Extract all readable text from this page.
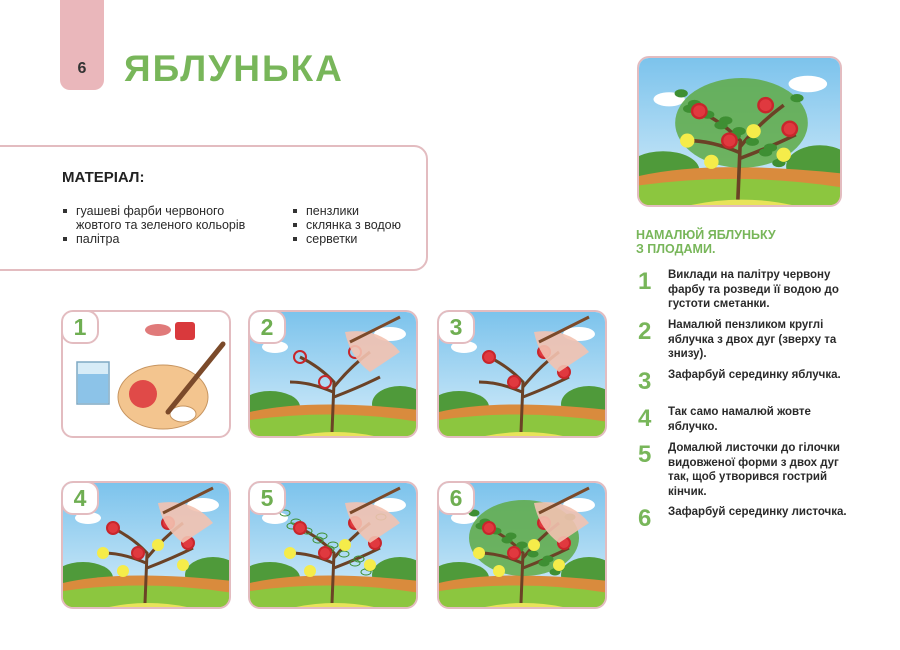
6	ЯБЛУНЬКА
МАТЕРІАЛ:
гуашеві фарби червоного
жовтого та зеленого кольорів
палітра
пензлики
склянка з водою
серветки
1	2	3
4	5	6
НАМАЛЮЙ ЯБЛУНЬКУ
З ПЛОДАМИ.
1	Виклади на палітру червону фарбу та розведи її водою до густоти сметанки.
2	Намалюй пензликом круглі яблучка з двох дуг (зверху та знизу).
3	Зафарбуй серединку яблучка.
4	Так само намалюй жовте яблучко.
5	Домалюй листочки до гілочки видовженої форми з двох дуг так, щоб утворився гострий кінчик.
6	Зафарбуй серединку листочка.
